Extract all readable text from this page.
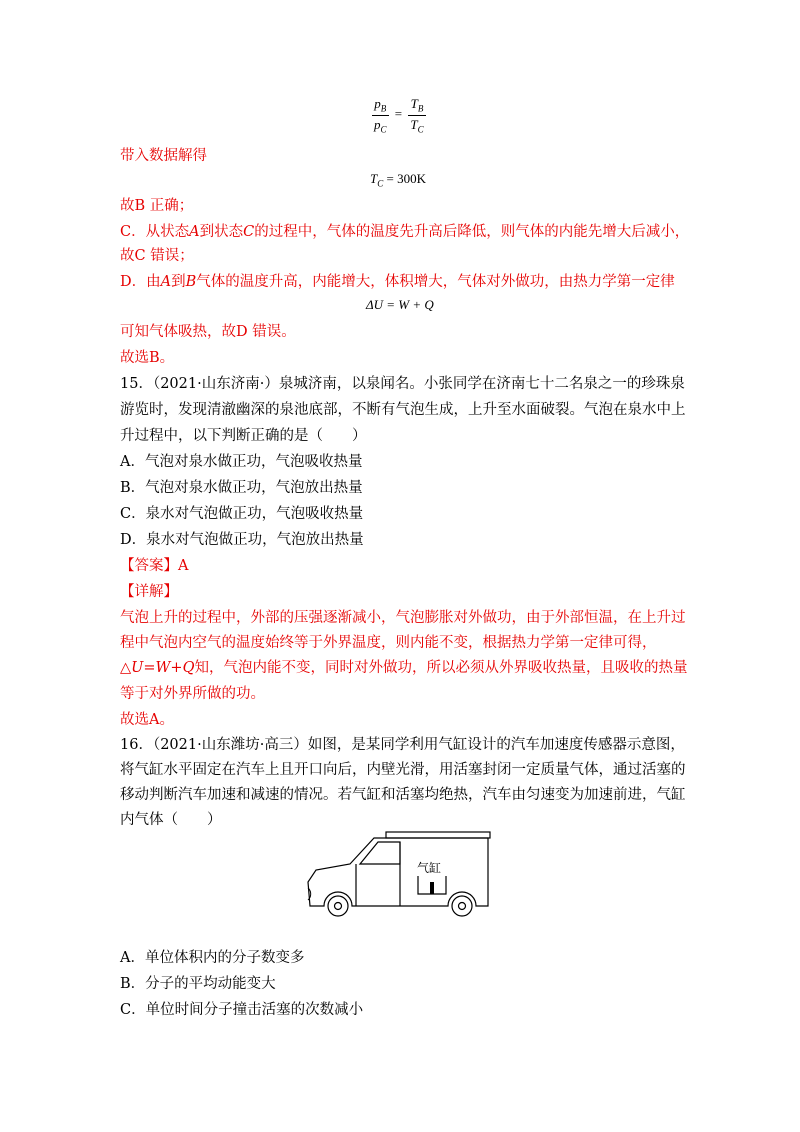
$\frac{p_B}{p_C} = \frac{T_B}{T_C}$
带入数据解得
$T_C = 300K$
故B 正确；
C．从状态A到状态C的过程中，气体的温度先升高后降低，则气体的内能先增大后减小，
故C 错误；
D．由A到B气体的温度升高，内能增大，体积增大，气体对外做功，由热力学第一定律
ΔU = W + Q
可知气体吸热，故D 错误。
故选B。
15．（2021·山东济南·）泉城济南，以泉闻名。小张同学在济南七十二名泉之一的珍珠泉
游览时，发现清澈幽深的泉池底部，不断有气泡生成，上升至水面破裂。气泡在泉水中上
升过程中，以下判断正确的是（　　）
A．气泡对泉水做正功，气泡吸收热量
B．气泡对泉水做正功，气泡放出热量
C．泉水对气泡做正功，气泡吸收热量
D．泉水对气泡做正功，气泡放出热量
【答案】A
【详解】
气泡上升的过程中，外部的压强逐渐减小，气泡膨胀对外做功，由于外部恒温，在上升过
程中气泡内空气的温度始终等于外界温度，则内能不变，根据热力学第一定律可得，
△U=W+Q知，气泡内能不变，同时对外做功，所以必须从外界吸收热量，且吸收的热量
等于对外界所做的功。
故选A。
16．（2021·山东潍坊·高三）如图，是某同学利用气缸设计的汽车加速度传感器示意图，
将气缸水平固定在汽车上且开口向后，内壁光滑，用活塞封闭一定质量气体，通过活塞的
移动判断汽车加速和减速的情况。若气缸和活塞均绝热，汽车由匀速变为加速前进，气缸
内气体（　　）
气缸
A．单位体积内的分子数变多
B．分子的平均动能变大
C．单位时间分子撞击活塞的次数减小
